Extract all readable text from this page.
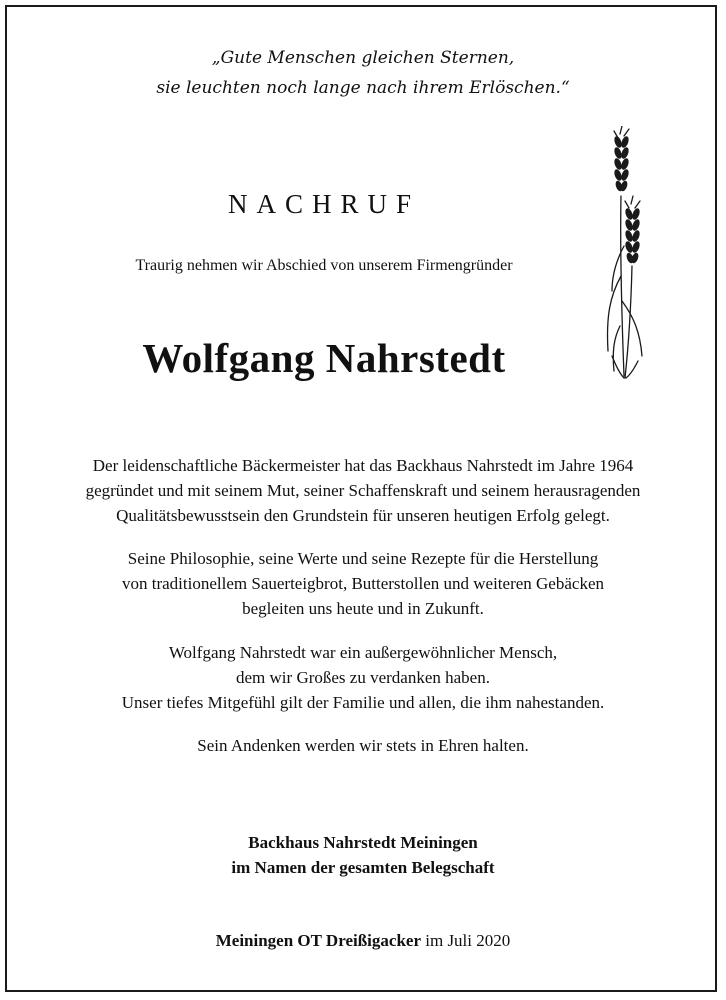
„Gute Menschen gleichen Sternen,
sie leuchten noch lange nach ihrem Erlöschen.“
NACHRUF
Traurig nehmen wir Abschied von unserem Firmengründer
Wolfgang Nahrstedt
Der leidenschaftliche Bäckermeister hat das Backhaus Nahrstedt im Jahre 1964
gegründet und mit seinem Mut, seiner Schaffenskraft und seinem herausragenden
Qualitätsbewusstsein den Grundstein für unseren heutigen Erfolg gelegt.
Seine Philosophie, seine Werte und seine Rezepte für die Herstellung
von traditionellem Sauerteigbrot, Butterstollen und weiteren Gebäcken
begleiten uns heute und in Zukunft.
Wolfgang Nahrstedt war ein außergewöhnlicher Mensch,
dem wir Großes zu verdanken haben.
Unser tiefes Mitgefühl gilt der Familie und allen, die ihm nahestanden.
Sein Andenken werden wir stets in Ehren halten.
Backhaus Nahrstedt Meiningen
im Namen der gesamten Belegschaft
Meiningen OT Dreißigacker im Juli 2020
